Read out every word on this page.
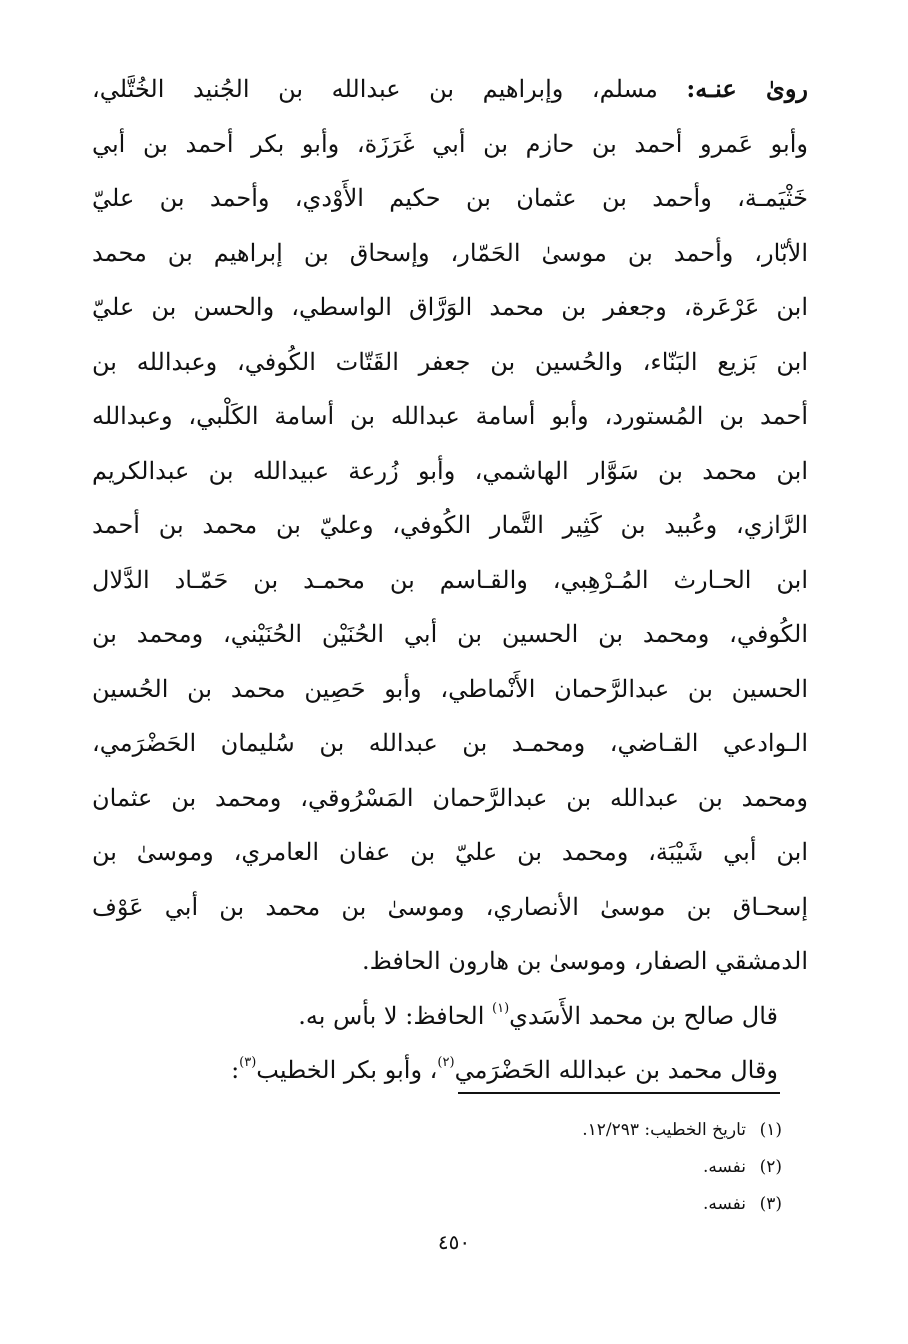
روىٰ عنـه: مسلم، وإبراهيم بن عبدالله بن الجُنيد الخُتَّلي،
وأبو عَمرو أحمد بن حازم بن أبي غَرَزَة، وأبو بكر أحمد بن أبي
خَثْيَمـة، وأحمد بن عثمان بن حكيم الأَوْدي، وأحمد بن عليّ
الأبّار، وأحمد بن موسىٰ الحَمّار، وإسحاق بن إبراهيم بن محمد
ابن عَرْعَرة، وجعفر بن محمد الوَرَّاق الواسطي، والحسن بن عليّ
ابن بَزيع البَنّاء، والحُسين بن جعفر القَتّات الكُوفي، وعبدالله بن
أحمد بن المُستورد، وأبو أسامة عبدالله بن أسامة الكَلْبي، وعبدالله
ابن محمد بن سَوَّار الهاشمي، وأبو زُرعة عبيدالله بن عبدالكريم
الرَّازي، وعُبيد بن كَثِير التَّمار الكُوفي، وعليّ بن محمد بن أحمد
ابن الحـارث المُـرْهِبي، والقـاسم بن محمـد بن حَمّـاد الدَّلال
الكُوفي، ومحمد بن الحسين بن أبي الحُنَيْن الحُنَيْني، ومحمد بن
الحسين بن عبدالرَّحمان الأَنْماطي، وأبو حَصِين محمد بن الحُسين
الـوادعي القـاضي، ومحمـد بن عبدالله بن سُليمان الحَضْرَمي،
ومحمد بن عبدالله بن عبدالرَّحمان المَسْرُوقي، ومحمد بن عثمان
ابن أبي شَيْبَة، ومحمد بن عليّ بن عفان العامري، وموسىٰ بن
إسحـاق بن موسىٰ الأنصاري، وموسىٰ بن محمد بن أبي عَوْف
الدمشقي الصفار، وموسىٰ بن هارون الحافظ.
قال صالح بن محمد الأَسَدي$^{(١)}$ الحافظ: لا بأس به.
وقال محمد بن عبدالله الحَضْرَمي$^{(٢)}$، وأبو بكر الخطيب$^{(٣)}$:
(١)تاريخ الخطيب: ١٢/٢٩٣.
(٢)نفسه.
(٣)نفسه.
٤٥٠
